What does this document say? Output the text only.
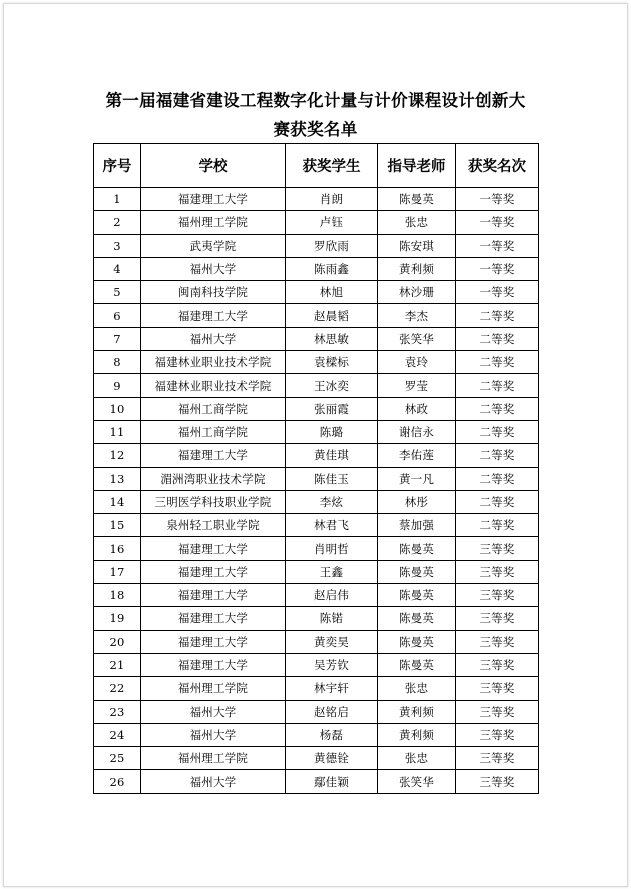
第一届福建省建设工程数字化计量与计价课程设计创新大
赛获奖名单
序号	学校	获奖学生	指导老师	获奖名次
1	福建理工大学	肖朗	陈曼英	一等奖
2	福州理工学院	卢钰	张忠	一等奖
3	武夷学院	罗欣雨	陈安琪	一等奖
4	福州大学	陈雨鑫	黄利频	一等奖
5	闽南科技学院	林旭	林沙珊	一等奖
6	福建理工大学	赵晨韬	李杰	二等奖
7	福州大学	林思敏	张笑华	二等奖
8	福建林业职业技术学院	袁樑标	袁玲	二等奖
9	福建林业职业技术学院	王冰奕	罗莹	二等奖
10	福州工商学院	张丽霞	林政	二等奖
11	福州工商学院	陈璐	谢信永	二等奖
12	福建理工大学	黄佳琪	李佑莲	二等奖
13	湄洲湾职业技术学院	陈佳玉	黄一凡	二等奖
14	三明医学科技职业学院	李炫	林彤	二等奖
15	泉州轻工职业学院	林君飞	蔡加强	二等奖
16	福建理工大学	肖明哲	陈曼英	三等奖
17	福建理工大学	王鑫	陈曼英	三等奖
18	福建理工大学	赵启伟	陈曼英	三等奖
19	福建理工大学	陈锘	陈曼英	三等奖
20	福建理工大学	黄奕昊	陈曼英	三等奖
21	福建理工大学	吴芳钦	陈曼英	三等奖
22	福州理工学院	林宇轩	张忠	三等奖
23	福州大学	赵铭启	黄利频	三等奖
24	福州大学	杨磊	黄利频	三等奖
25	福州理工学院	黄德铨	张忠	三等奖
26	福州大学	鄢佳颖	张笑华	三等奖
